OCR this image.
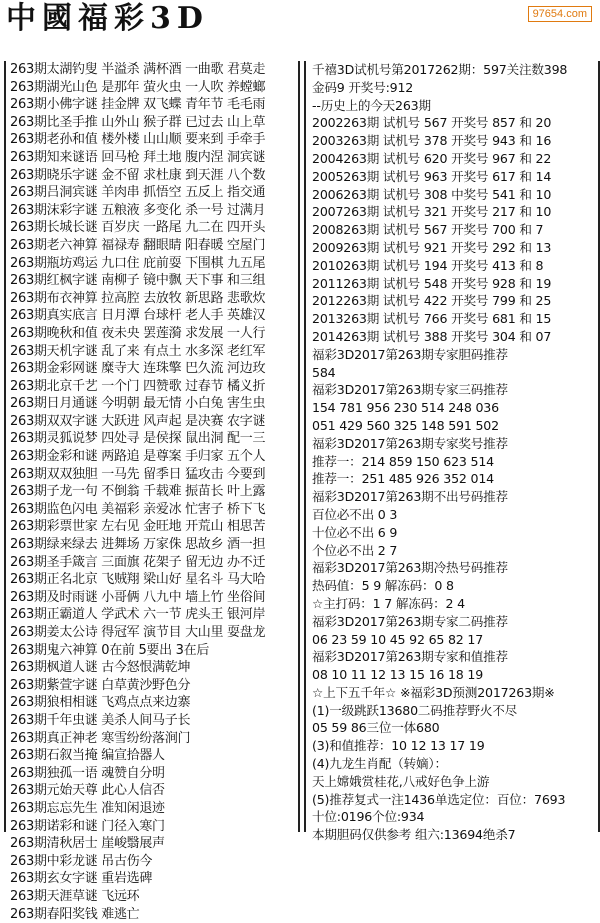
中國福彩3D	97654.com
263期太湖钓叟 半溢杀 满杯酒 一曲歌 君莫走
263期湖光山色 是那年 萤火虫 一人吹 养螳螂
263期小佛字谜 挂金牌 双飞蝶 青年节 毛毛雨
263期比圣手推 山外山 猴子群 已过去 山上草
263期老孙和值 楼外楼 山山顺 要来到 手牵手
263期知来谜语 回马枪 拜土地 腹内涅 洞宾谜
263期晓乐字谜 金不留 求杜康 到天涯 八个数
263期吕洞宾谜 羊肉串 抓悟空 五反上 指交通
263期沫彩字谜 五粮液 多变化 杀一号 过满月
263期长城长谜 百岁庆 一路尾 九二在 四开头
263期老六神算 福禄寿 翻眼睛 阳春暖 空屋门
263期瓶坊鸡运 九口住 庇前耍 下围棋 九五尾
263期红枫字谜 南柳子 镜中飘 天下事 和三组
263期布衣神算 拉高腔 去放牧 新思路 悲歌炊
263期真实底言 日月潭 台球杆 老人手 英雄汉
263期晚秋和值 夜未央 罢莲漪 求发展 一人行
263期天机字谜 乱了来 有点土 水多深 老红军
263期金彩网谜 糜寺大 连珠擎 巴久流 河边玫
263期北京千艺 一个门 四赞歌 过春节 橘义折
263期日月通谜 今明朝 最无情 小白兔 害生虫
263期双双字谜 大跃进 风声起 是决赛 农字谜
263期灵狐说梦 四处寻 是侯探 鼠出洞 配一三
263期金彩和谜 两路追 是尊案 手归家 五个人
263期双双独胆 一马先 留季日 猛攻击 今要到
263期子龙一句 不倒翁 千载难 振苗长 叶上露
263期监色闪电 美福彩 亲爱冰 忙害子 桥下飞
263期彩票世家 左右见 金旺地 开荒山 相思苦
263期绿来绿去 进舞场 万家侏 思故乡 酒一担
263期圣手箴言 三面旗 花架子 留无边 办不迁
263期正名北京 飞贼翔 梁山好 星名斗 马大哈
263期及时雨谜 小哥俩 八九中 墙上竹 坐俗间
263期正霸道人 学武术 六一节 虎头王 银河岸
263期姜太公诗 得冠军 演节目 大山里 耍盘龙
263期鬼六神算 0在前 5要出 3在后
263期枫道人谜 古今怒恨满乾坤
263期紫萱字谜 白草黄沙野色分
263期狼相相谜 飞鸡点点来边寨
263期千年虫谜 美杀人间马子长
263期真正神老 寒雪纷纷落涧门
263期石叙当掩 编宣拾器人
263期独孤一语 魂赞自分明
263期元始天尊 此心人信否
263期忘忘先生 准知闲退迹
263期诺彩和谜 门径入寒门
263期清秋居士 崖峻翳展声
263期中彩龙谜 吊古伤今
263期玄女字谜 重岩选碑
263期天涯草谜 飞远环
263期春阳奖钱 难逃亡
千禧3D试机号第2017262期：597关注数398
金码9 开奖号:912
--历史上的今天263期
2002263期 试机号 567 开奖号 857 和 20
2003263期 试机号 378 开奖号 943 和 16
2004263期 试机号 620 开奖号 967 和 22
2005263期 试机号 963 开奖号 617 和 14
2006263期 试机号 308 中奖号 541 和 10
2007263期 试机号 321 开奖号 217 和 10
2008263期 试机号 567 开奖号 700 和 7
2009263期 试机号 921 开奖号 292 和 13
2010263期 试机号 194 开奖号 413 和 8
2011263期 试机号 548 开奖号 928 和 19
2012263期 试机号 422 开奖号 799 和 25
2013263期 试机号 766 开奖号 681 和 15
2014263期 试机号 388 开奖号 304 和 07
福彩3D2017第263期专家胆码推荐
584
福彩3D2017第263期专家三码推荐
154 781 956 230 514 248 036
051 429 560 325 148 591 502
福彩3D2017第263期专家奖号推荐
推荐一：214 859 150 623 514
推荐一：251 485 926 352 014
福彩3D2017第263期不出号码推荐
百位必不出 0 3
十位必不出 6 9
个位必不出 2 7
福彩3D2017第263期冷热号码推荐
热码值：5 9 解冻码：0 8
☆主打码：1 7 解冻码：2 4
福彩3D2017第263期专家二码推荐
06 23 59 10 45 92 65 82 17
福彩3D2017第263期专家和值推荐
08 10 11 12 13 15 16 18 19
☆上下五千年☆ ※福彩3D预测2017263期※
(1)一级跳跃13680二码推荐野火不尽
05 59 86三位一体680
(3)和值推荐：10 12 13 17 19
(4)九龙生肖配（转嫡）：
天上嫦娥赏桂花,八戒好色争上游
(5)推荐复式一注1436单选定位：百位：7693
十位:0196个位:934
本期胆码仅供参考 组六:13694绝杀7
